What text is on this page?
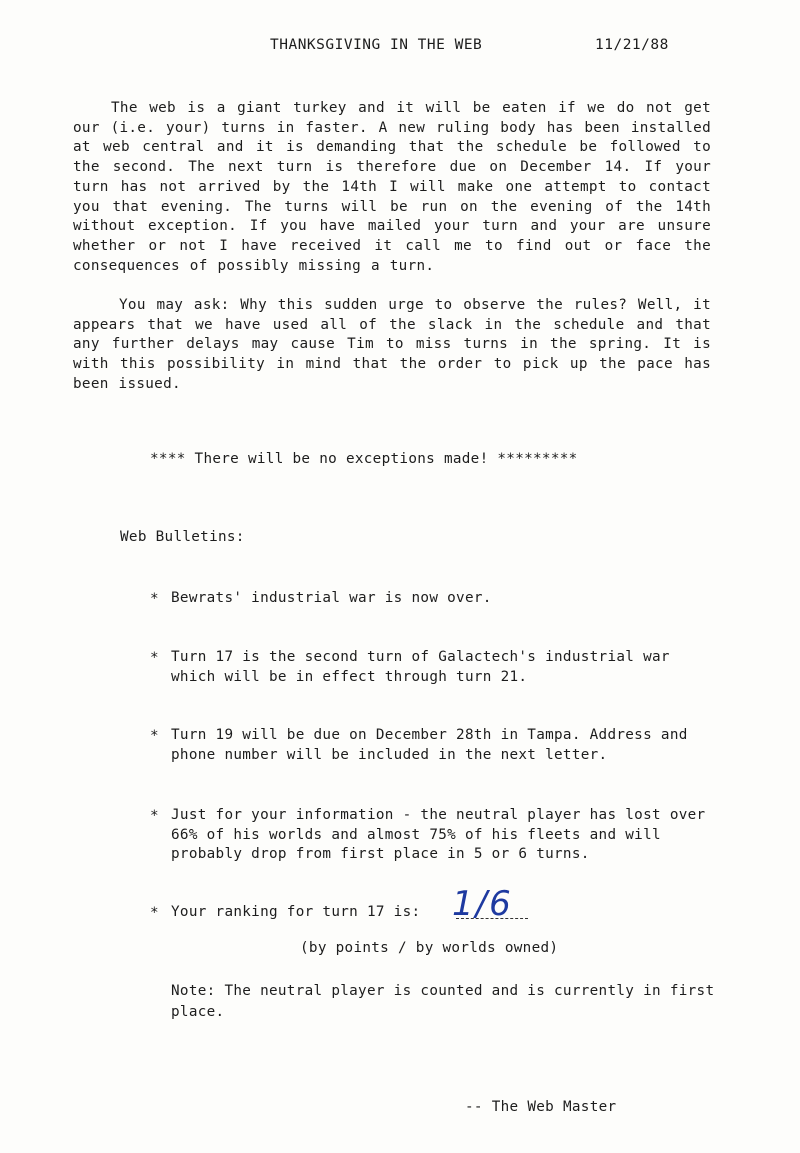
THANKSGIVING IN THE WEB	11/21/88
The web is a giant turkey and it will be eaten if we do not get our (i.e. your) turns in faster. A new ruling body has been installed at web central and it is demanding that the schedule be followed to the second. The next turn is therefore due on December 14. If your turn has not arrived by the 14th I will make one attempt to contact you that evening. The turns will be run on the evening of the 14th without exception. If you have mailed your turn and your are unsure whether or not I have received it call me to find out or face the consequences of possibly missing a turn.
You may ask: Why this sudden urge to observe the rules? Well, it appears that we have used all of the slack in the schedule and that any further delays may cause Tim to miss turns in the spring. It is with this possibility in mind that the order to pick up the pace has been issued.
**** There will be no exceptions made! *********
Web Bulletins:
* Bewrats' industrial war is now over.
* Turn 17 is the second turn of Galactech's industrial war which will be in effect through turn 21.
* Turn 19 will be due on December 28th in Tampa. Address and phone number will be included in the next letter.
* Just for your information - the neutral player has lost over 66% of his worlds and almost 75% of his fleets and will probably drop from first place in 5 or 6 turns.
* Your ranking for turn 17 is: 1/6
(by points / by worlds owned)
Note: The neutral player is counted and is currently in first place.
-- The Web Master
